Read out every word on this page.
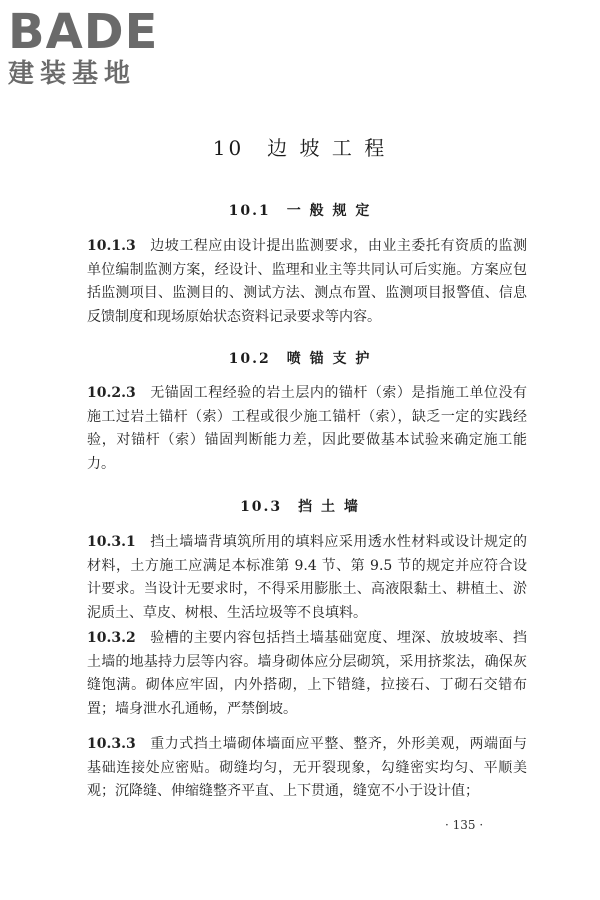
BADE
建装基地
10　边 坡 工 程
10.1　一 般 规 定
10.1.3 边坡工程应由设计提出监测要求，由业主委托有资质的监测单位编制监测方案，经设计、监理和业主等共同认可后实施。方案应包括监测项目、监测目的、测试方法、测点布置、监测项目报警值、信息反馈制度和现场原始状态资料记录要求等内容。
10.2　喷 锚 支 护
10.2.3 无锚固工程经验的岩土层内的锚杆（索）是指施工单位没有施工过岩土锚杆（索）工程或很少施工锚杆（索），缺乏一定的实践经验，对锚杆（索）锚固判断能力差，因此要做基本试验来确定施工能力。
10.3　挡 土 墙
10.3.1 挡土墙墙背填筑所用的填料应采用透水性材料或设计规定的材料，土方施工应满足本标准第 9.4 节、第 9.5 节的规定并应符合设计要求。当设计无要求时，不得采用膨胀土、高液限黏土、耕植土、淤泥质土、草皮、树根、生活垃圾等不良填料。
10.3.2 验槽的主要内容包括挡土墙基础宽度、埋深、放坡坡率、挡土墙的地基持力层等内容。墙身砌体应分层砌筑，采用挤浆法，确保灰缝饱满。砌体应牢固，内外搭砌，上下错缝，拉接石、丁砌石交错布置；墙身泄水孔通畅，严禁倒坡。
10.3.3 重力式挡土墙砌体墙面应平整、整齐，外形美观，两端面与基础连接处应密贴。砌缝均匀，无开裂现象，勾缝密实均匀、平顺美观；沉降缝、伸缩缝整齐平直、上下贯通，缝宽不小于设计值；
· 135 ·
